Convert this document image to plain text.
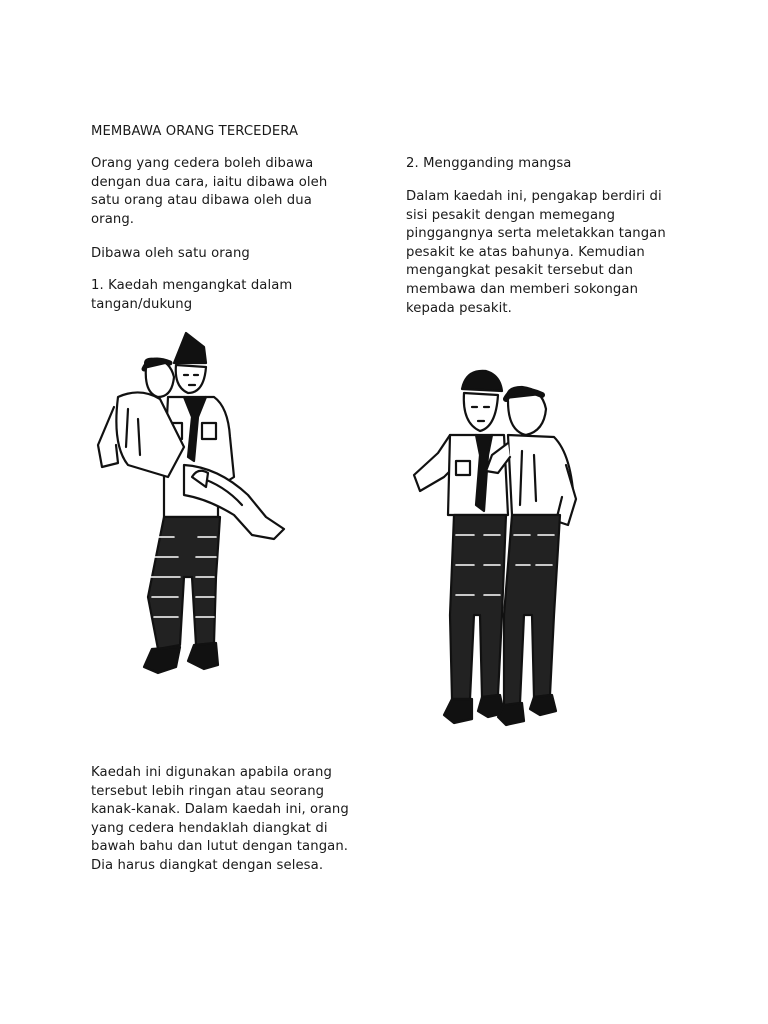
MEMBAWA ORANG TERCEDERA
Orang yang cedera boleh dibawa
dengan dua cara, iaitu dibawa oleh
satu orang atau dibawa oleh dua
orang.
Dibawa oleh satu orang
1. Kaedah mengangkat dalam
tangan/dukung
Kaedah ini digunakan apabila orang
tersebut lebih ringan atau seorang
kanak-kanak. Dalam kaedah ini, orang
yang cedera hendaklah diangkat di
bawah bahu dan lutut dengan tangan.
Dia harus diangkat dengan selesa.
2. Mengganding mangsa
Dalam kaedah ini, pengakap berdiri di
sisi pesakit dengan memegang
pinggangnya serta meletakkan tangan
pesakit ke atas bahunya. Kemudian
mengangkat pesakit tersebut dan
membawa dan memberi sokongan
kepada pesakit.
